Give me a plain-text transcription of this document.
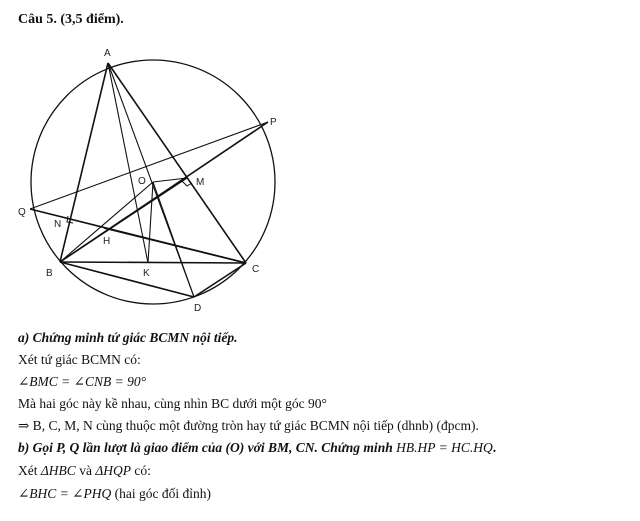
Câu 5. (3,5 điểm).
A
P
O	M
Q
N
H
B	K	C
D
a) Chứng minh tứ giác BCMN nội tiếp.
Xét tứ giác BCMN có:
∠BMC = ∠CNB = 90°
Mà hai góc này kề nhau, cùng nhìn BC dưới một góc 90°
⇒ B, C, M, N cùng thuộc một đường tròn hay tứ giác BCMN nội tiếp (dhnb) (đpcm).
b) Gọi P, Q lần lượt là giao điểm của (O) với BM, CN. Chứng minh HB.HP = HC.HQ.
Xét ΔHBC và ΔHQP có:
∠BHC = ∠PHQ (hai góc đối đỉnh)
